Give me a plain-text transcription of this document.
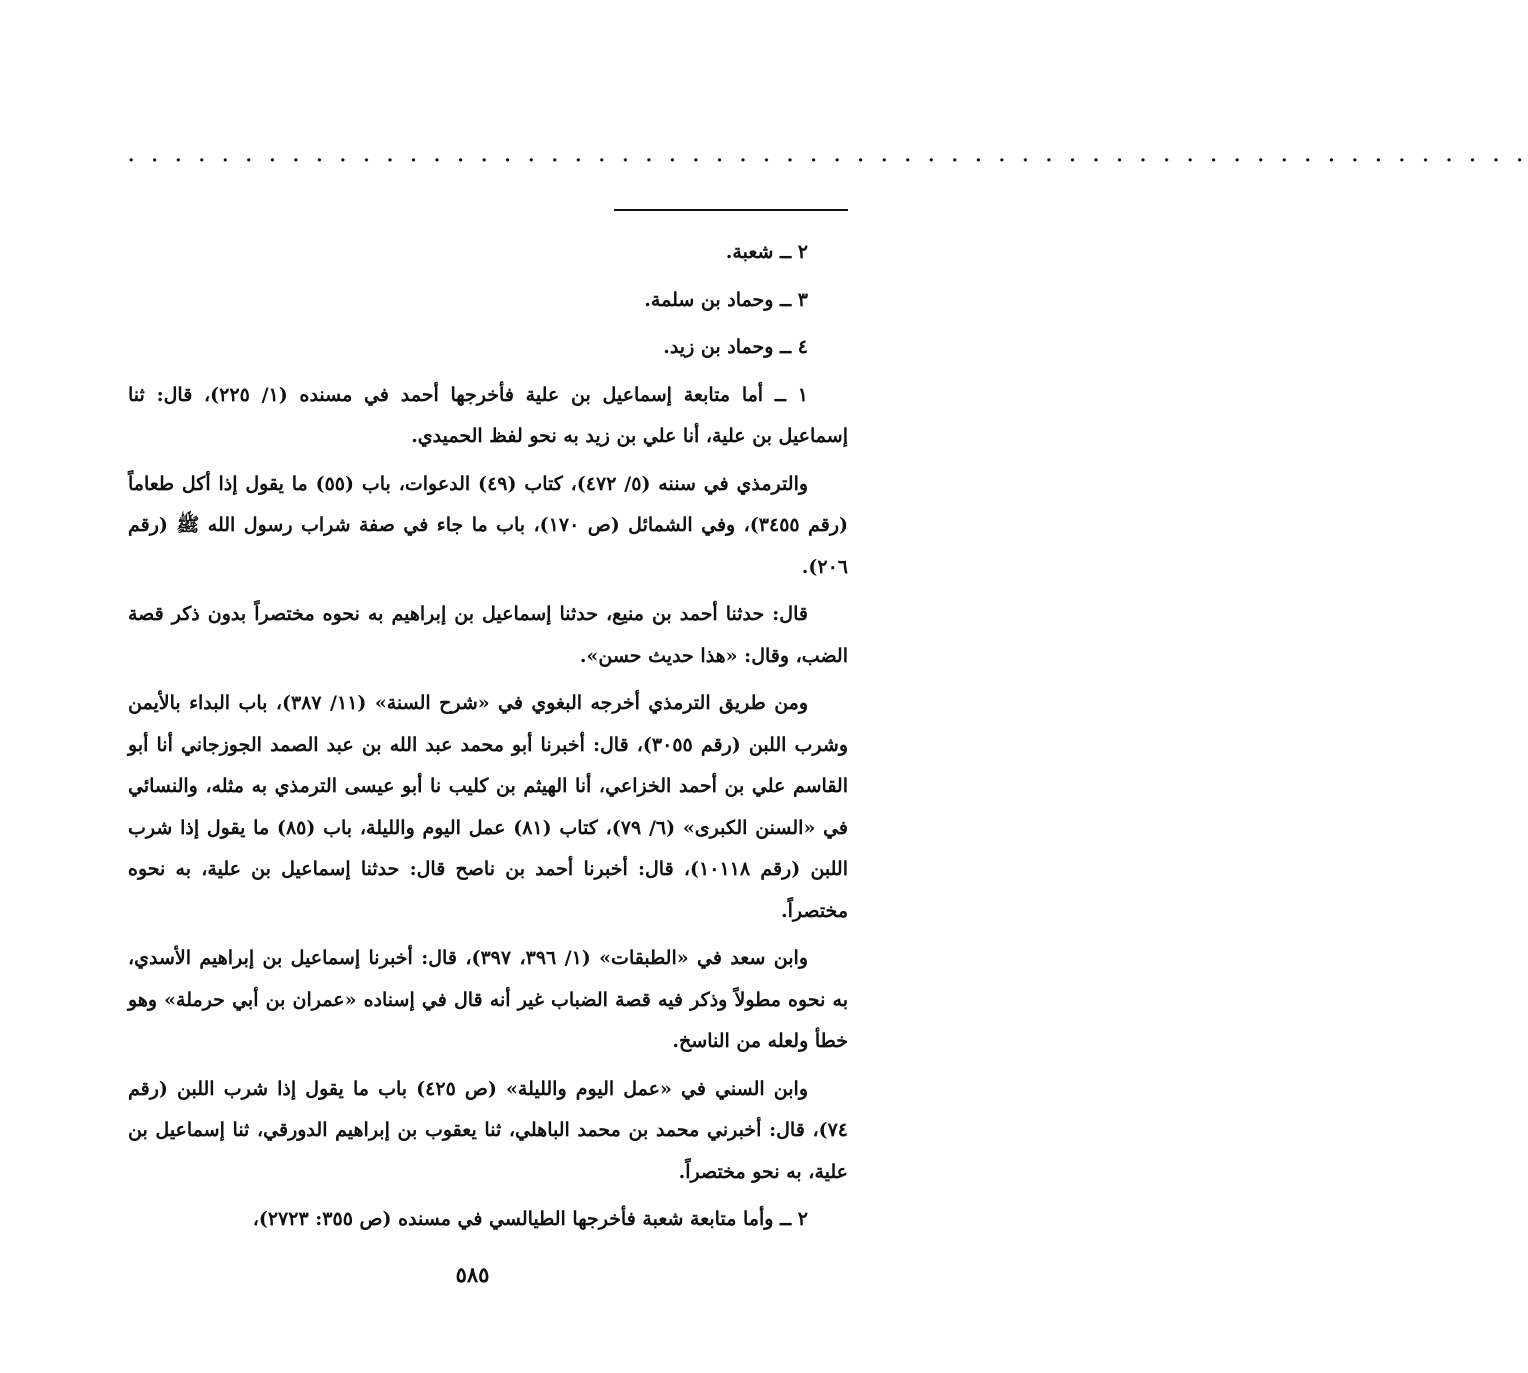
· · · · · · · · · · · · · · · · · · · · · · · · · · · · · · · · · · · · · · · · · · · · · · · · · · · · · · · · · · · ·

٢ ــ شعبة.

٣ ــ وحماد بن سلمة.

٤ ــ وحماد بن زيد.

١ ــ أما متابعة إسماعيل بن علية فأخرجها أحمد في مسنده (١/ ٢٢٥)، قال: ثنا إسماعيل بن علية، أنا علي بن زيد به نحو لفظ الحميدي.

والترمذي في سننه (٥/ ٤٧٢)، كتاب (٤٩) الدعوات، باب (٥٥) ما يقول إذا أكل طعاماً (رقم ٣٤٥٥)، وفي الشمائل (ص ١٧٠)، باب ما جاء في صفة شراب رسول الله ﷺ (رقم ٢٠٦).

قال: حدثنا أحمد بن منيع، حدثنا إسماعيل بن إبراهيم به نحوه مختصراً بدون ذكر قصة الضب، وقال: «هذا حديث حسن».

ومن طريق الترمذي أخرجه البغوي في «شرح السنة» (١١/ ٣٨٧)، باب البداء بالأيمن وشرب اللبن (رقم ٣٠٥٥)، قال: أخبرنا أبو محمد عبد الله بن عبد الصمد الجوزجاني أنا أبو القاسم علي بن أحمد الخزاعي، أنا الهيثم بن كليب نا أبو عيسى الترمذي به مثله، والنسائي في «السنن الكبرى» (٦/ ٧٩)، كتاب (٨١) عمل اليوم والليلة، باب (٨٥) ما يقول إذا شرب اللبن (رقم ١٠١١٨)، قال: أخبرنا أحمد بن ناصح قال: حدثنا إسماعيل بن علية، به نحوه مختصراً.

وابن سعد في «الطبقات» (١/ ٣٩٦، ٣٩٧)، قال: أخبرنا إسماعيل بن إبراهيم الأسدي، به نحوه مطولاً وذكر فيه قصة الضباب غير أنه قال في إسناده «عمران بن أبي حرملة» وهو خطأ ولعله من الناسخ.

وابن السني في «عمل اليوم والليلة» (ص ٤٢٥) باب ما يقول إذا شرب اللبن (رقم ٧٤)، قال: أخبرني محمد بن محمد الباهلي، ثنا يعقوب بن إبراهيم الدورقي، ثنا إسماعيل بن علية، به نحو مختصراً.

٢ ــ وأما متابعة شعبة فأخرجها الطيالسي في مسنده (ص ٣٥٥: ٢٧٢٣)،

٥٨٥
